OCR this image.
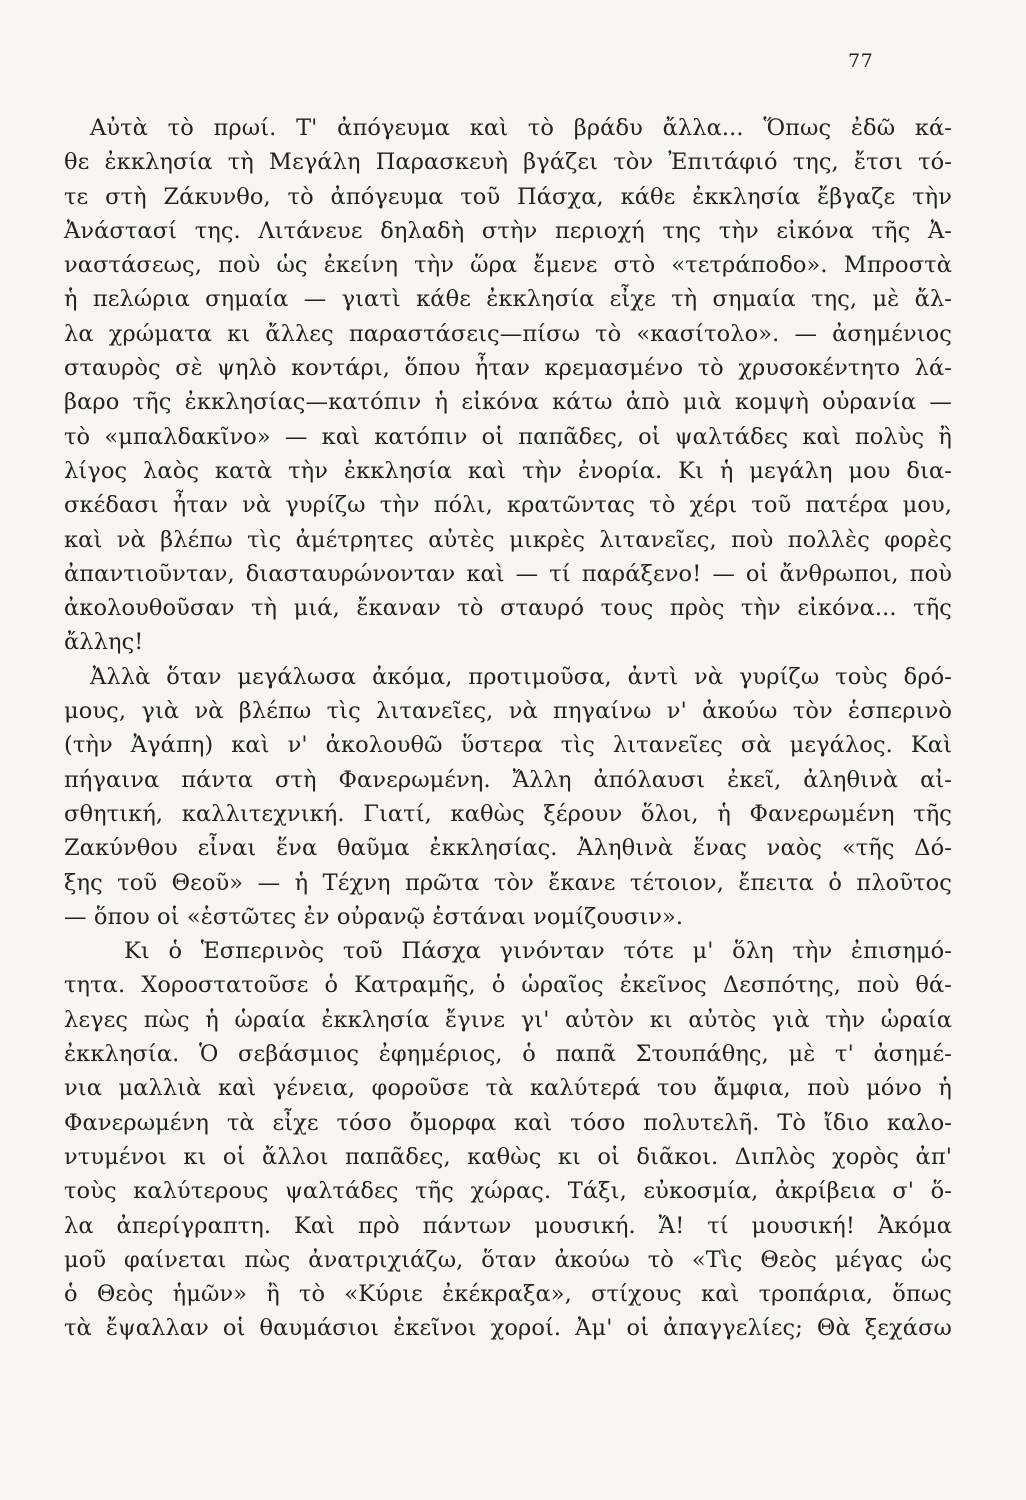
77
Αὐτὰ τὸ πρωί. Τ' ἀπόγευμα καὶ τὸ βράδυ ἄλλα... Ὅπως ἐδῶ κά-
θε ἐκκλησία τὴ Μεγάλη Παρασκευὴ βγάζει τὸν Ἐπιτάφιό της, ἔτσι τό-
τε στὴ Ζάκυνθο, τὸ ἀπόγευμα τοῦ Πάσχα, κάθε ἐκκλησία ἔβγαζε τὴν
Ἀνάστασί της. Λιτάνευε δηλαδὴ στὴν περιοχή της τὴν εἰκόνα τῆς Ἀ-
ναστάσεως, ποὺ ὡς ἐκείνη τὴν ὥρα ἔμενε στὸ «τετράποδο». Μπροστὰ
ἡ πελώρια σημαία — γιατὶ κάθε ἐκκλησία εἶχε τὴ σημαία της, μὲ ἄλ-
λα χρώματα κι ἄλλες παραστάσεις—πίσω τὸ «κασίτολο». — ἀσημένιος
σταυρὸς σὲ ψηλὸ κοντάρι, ὅπου ἦταν κρεμασμένο τὸ χρυσοκέντητο λά-
βαρο τῆς ἐκκλησίας—κατόπιν ἡ εἰκόνα κάτω ἀπὸ μιὰ κομψὴ οὐρανία —
τὸ «μπαλδακῖνο» — καὶ κατόπιν οἱ παπᾶδες, οἱ ψαλτάδες καὶ πολὺς ἢ
λίγος λαὸς κατὰ τὴν ἐκκλησία καὶ τὴν ἐνορία. Κι ἡ μεγάλη μου δια-
σκέδασι ἦταν νὰ γυρίζω τὴν πόλι, κρατῶντας τὸ χέρι τοῦ πατέρα μου,
καὶ νὰ βλέπω τὶς ἀμέτρητες αὐτὲς μικρὲς λιτανεῖες, ποὺ πολλὲς φορὲς
ἀπαντιοῦνταν, διασταυρώνονταν καὶ — τί παράξενο! — οἱ ἄνθρωποι, ποὺ
ἀκολουθοῦσαν τὴ μιά, ἔκαναν τὸ σταυρό τους πρὸς τὴν εἰκόνα... τῆς
ἄλλης!
Ἀλλὰ ὅταν μεγάλωσα ἀκόμα, προτιμοῦσα, ἀντὶ νὰ γυρίζω τοὺς δρό-
μους, γιὰ νὰ βλέπω τὶς λιτανεῖες, νὰ πηγαίνω ν' ἀκούω τὸν ἑσπερινὸ
(τὴν Ἀγάπη) καὶ ν' ἀκολουθῶ ὕστερα τὶς λιτανεῖες σὰ μεγάλος. Καὶ
πήγαινα πάντα στὴ Φανερωμένη. Ἄλλη ἀπόλαυσι ἐκεῖ, ἀληθινὰ αἰ-
σθητική, καλλιτεχνική. Γιατί, καθὼς ξέρουν ὅλοι, ἡ Φανερωμένη τῆς
Ζακύνθου εἶναι ἕνα θαῦμα ἐκκλησίας. Ἀληθινὰ ἕνας ναὸς «τῆς Δό-
ξης τοῦ Θεοῦ» — ἡ Τέχνη πρῶτα τὸν ἔκανε τέτοιον, ἔπειτα ὁ πλοῦτος
— ὅπου οἱ «ἑστῶτες ἐν οὐρανῷ ἑστάναι νομίζουσιν».
Κι ὁ Ἑσπερινὸς τοῦ Πάσχα γινόνταν τότε μ' ὅλη τὴν ἐπισημό-
τητα. Χοροστατοῦσε ὁ Κατραμῆς, ὁ ὡραῖος ἐκεῖνος Δεσπότης, ποὺ θά-
λεγες πὼς ἡ ὡραία ἐκκλησία ἔγινε γι' αὐτὸν κι αὐτὸς γιὰ τὴν ὡραία
ἐκκλησία. Ὁ σεβάσμιος ἐφημέριος, ὁ παπᾶ Στουπάθης, μὲ τ' ἀσημέ-
νια μαλλιὰ καὶ γένεια, φοροῦσε τὰ καλύτερά του ἄμφια, ποὺ μόνο ἡ
Φανερωμένη τὰ εἶχε τόσο ὄμορφα καὶ τόσο πολυτελῆ. Τὸ ἴδιο καλο-
ντυμένοι κι οἱ ἄλλοι παπᾶδες, καθὼς κι οἱ διᾶκοι. Διπλὸς χορὸς ἀπ'
τοὺς καλύτερους ψαλτάδες τῆς χώρας. Τάξι, εὐκοσμία, ἀκρίβεια σ' ὅ-
λα ἀπερίγραπτη. Καὶ πρὸ πάντων μουσική. Ἄ! τί μουσική! Ἀκόμα
μοῦ φαίνεται πὼς ἀνατριχιάζω, ὅταν ἀκούω τὸ «Τὶς Θεὸς μέγας ὡς
ὁ Θεὸς ἡμῶν» ἢ τὸ «Κύριε ἐκέκραξα», στίχους καὶ τροπάρια, ὅπως
τὰ ἔψαλλαν οἱ θαυμάσιοι ἐκεῖνοι χοροί. Ἀμ' οἱ ἀπαγγελίες; Θὰ ξεχάσω
